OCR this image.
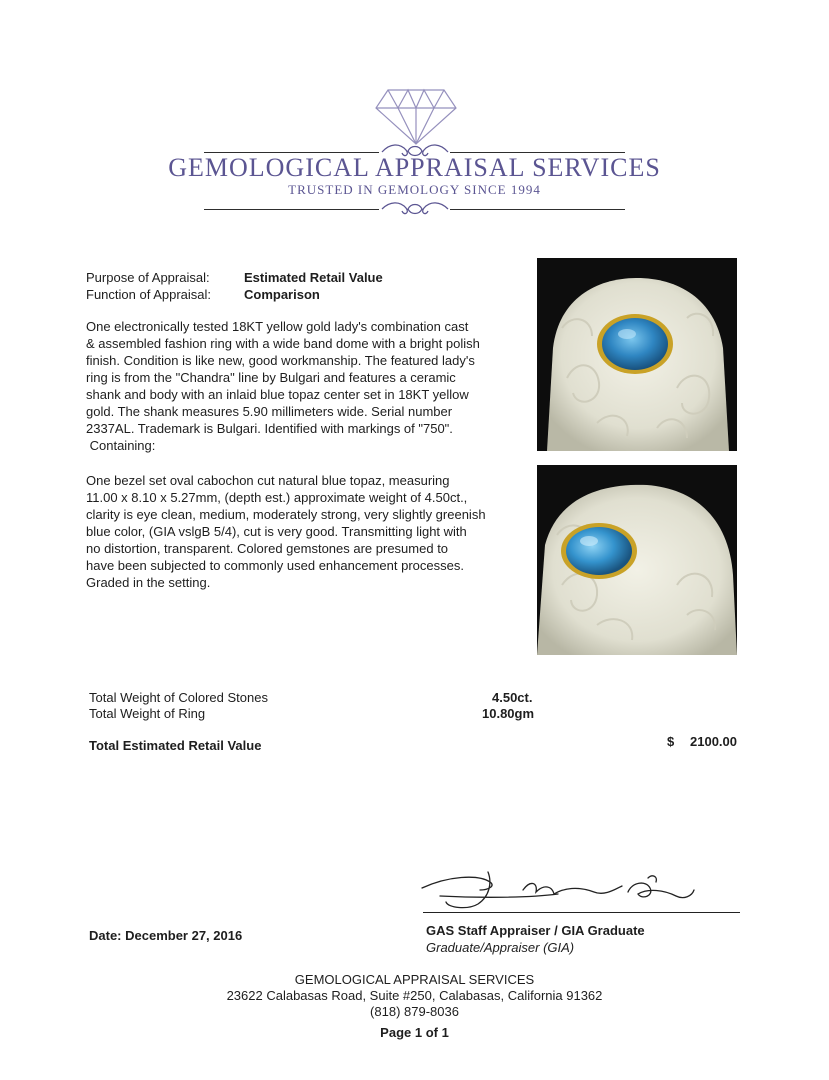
GEMOLOGICAL APPRAISAL SERVICES
TRUSTED IN GEMOLOGY SINCE 1994
Purpose of Appraisal:	Estimated Retail Value
Function of Appraisal:	Comparison
One electronically tested 18KT yellow gold lady's combination cast
& assembled fashion ring with a wide band dome with a bright polish
finish. Condition is like new, good workmanship. The featured lady's
ring is from the "Chandra" line by Bulgari and features a ceramic
shank and body with an inlaid blue topaz center set in 18KT yellow
gold. The shank measures 5.90 millimeters wide. Serial number
2337AL. Trademark is Bulgari. Identified with markings of "750".
Containing:
One bezel set oval cabochon cut natural blue topaz, measuring
11.00 x 8.10 x 5.27mm, (depth est.) approximate weight of 4.50ct.,
clarity is eye clean, medium, moderately strong, very slightly greenish
blue color, (GIA vslgB 5/4), cut is very good. Transmitting light with
no distortion, transparent. Colored gemstones are presumed to
have been subjected to commonly used enhancement processes.
Graded in the setting.
Total Weight of Colored Stones	4.50ct.
Total Weight of Ring	10.80gm
Total Estimated Retail Value	$ 2100.00
GAS Staff Appraiser / GIA Graduate
Graduate/Appraiser (GIA)
Date: December 27, 2016
GEMOLOGICAL APPRAISAL SERVICES
23622 Calabasas Road, Suite #250, Calabasas, California 91362
(818) 879-8036
Page 1 of 1
